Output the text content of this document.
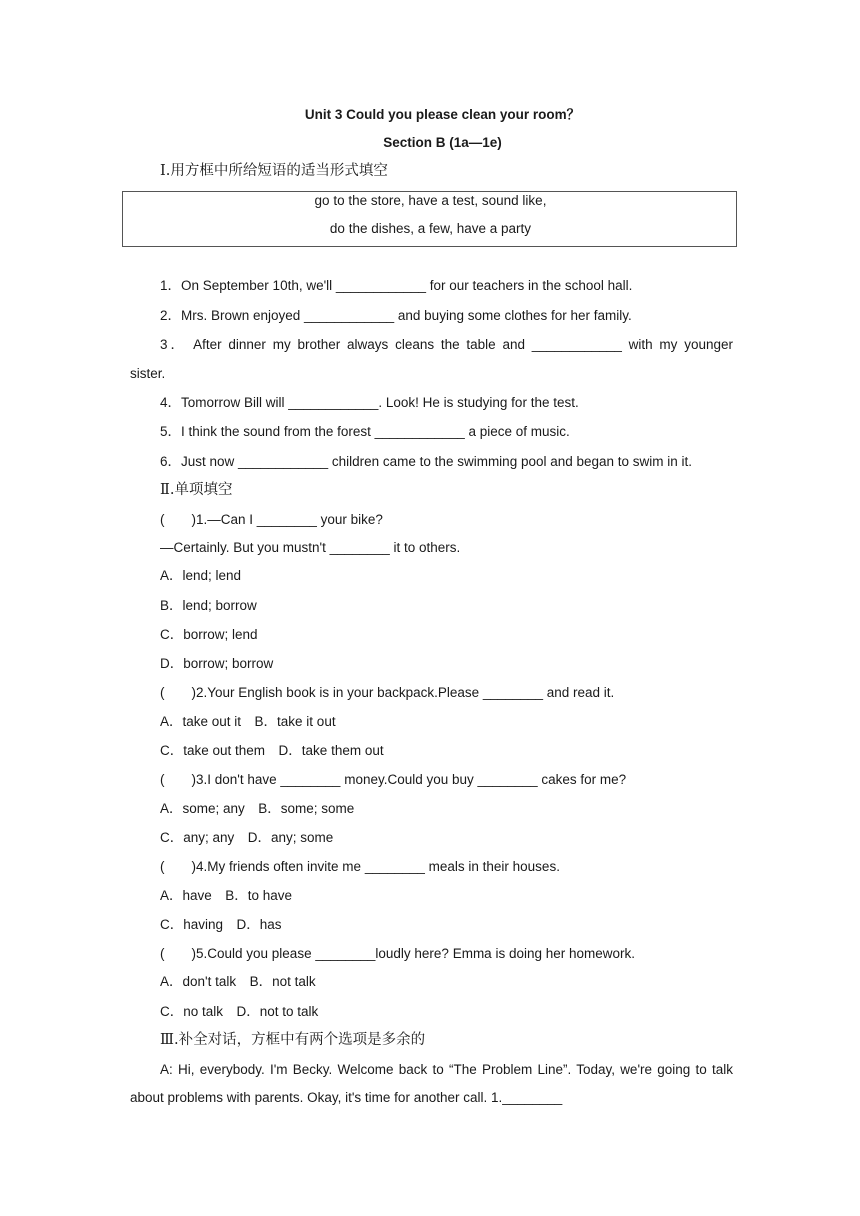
Unit 3 Could you please clean your room？
Section B (1a—1e)
Ⅰ.用方框中所给短语的适当形式填空
go to the store, have a test, sound like,
do the dishes, a few, have a party
1．On September 10th, we'll ____________ for our teachers in the school hall.
2．Mrs. Brown enjoyed ____________ and buying some clothes for her family.
3． After dinner my brother always cleans the table and ____________ with my younger
sister.
4．Tomorrow Bill will ____________. Look! He is studying for the test.
5．I think the sound from the forest ____________ a piece of music.
6．Just now ____________ children came to the swimming pool and began to swim in it.
Ⅱ.单项填空
(　　)1.—Can I ________ your bike?
—Certainly. But you mustn't ________ it to others.
A．lend; lend
B．lend; borrow
C．borrow; lend
D．borrow; borrow
(　　)2.Your English book is in your backpack.Please ________ and read it.
A．take out it　B．take it out
C．take out them　D．take them out
(　　)3.I don't have ________ money.Could you buy ________ cakes for me?
A．some; any　B．some; some
C．any; any　D．any; some
(　　)4.My friends often invite me ________ meals in their houses.
A．have　B．to have
C．having　D．has
(　　)5.Could you please ________loudly here? Emma is doing her homework.
A．don't talk　B．not talk
C．no talk　D．not to talk
Ⅲ.补全对话，方框中有两个选项是多余的
A: Hi, everybody. I'm Becky. Welcome back to “The Problem Line”. Today, we're going to talk
about problems with parents. Okay, it's time for another call. 1.________
